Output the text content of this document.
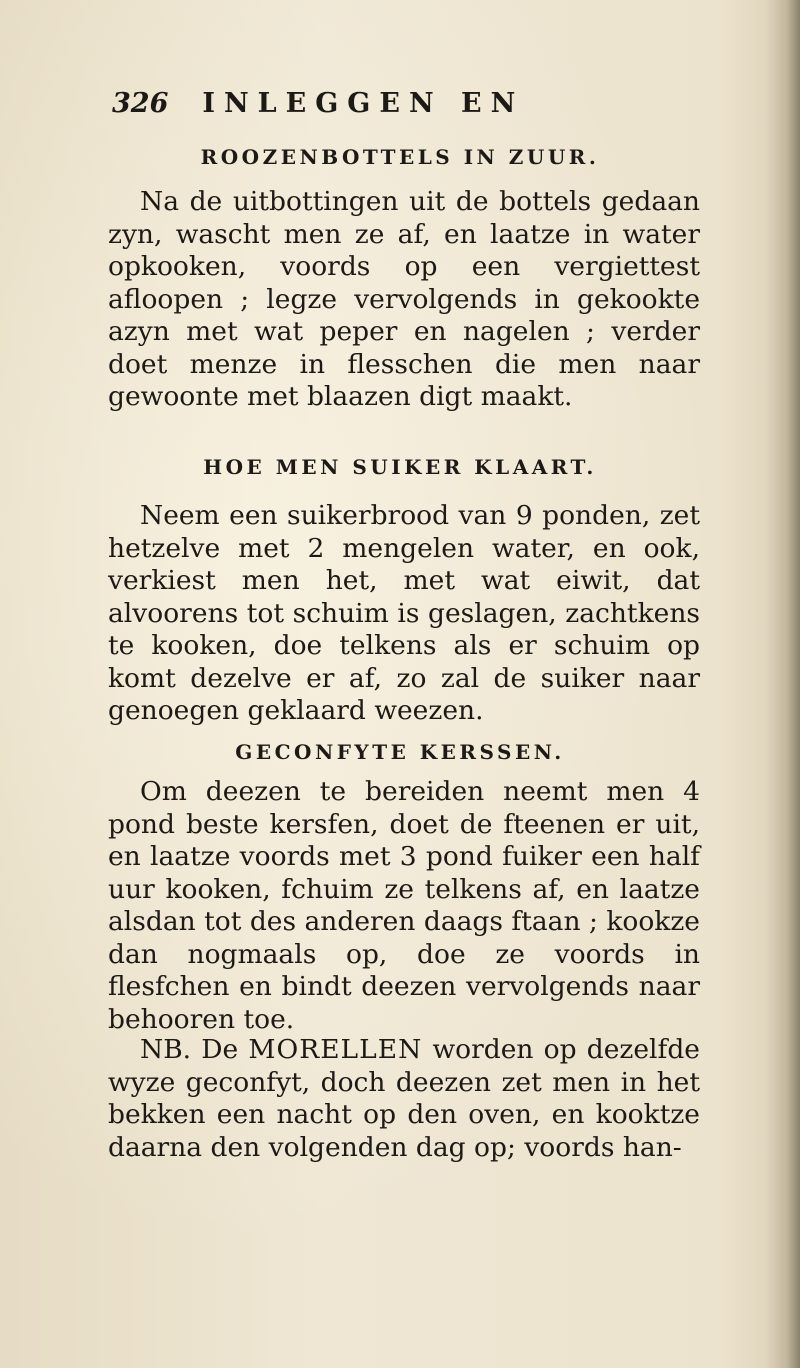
326 INLEGGEN EN
ROOZENBOTTELS IN ZUUR.

Na de uitbottingen uit de bottels gedaan zyn, wascht men ze af, en laatze in water opkooken, voords op een vergiettest afloopen ; legze vervolgends in gekookte azyn met wat peper en nagelen ; verder doet menze in flesschen die men naar gewoonte met blaazen digt maakt.

HOE MEN SUIKER KLAART.

Neem een suikerbrood van 9 ponden, zet hetzelve met 2 mengelen water, en ook, verkiest men het, met wat eiwit, dat alvoorens tot schuim is geslagen, zachtkens te kooken, doe telkens als er schuim op komt dezelve er af, zo zal de suiker naar genoegen geklaard weezen.

GECONFYTE KERSSEN.

Om deezen te bereiden neemt men 4 pond beste kersfen, doet de fteenen er uit, en laatze voords met 3 pond fuiker een half uur kooken, fchuim ze telkens af, en laatze alsdan tot des anderen daags ftaan ; kookze dan nogmaals op, doe ze voords in flesfchen en bindt deezen vervolgends naar behooren toe.

NB. De MORELLEN worden op dezelfde wyze geconfyt, doch deezen zet men in het bekken een nacht op den oven, en kooktze daarna den volgenden dag op; voords han-
